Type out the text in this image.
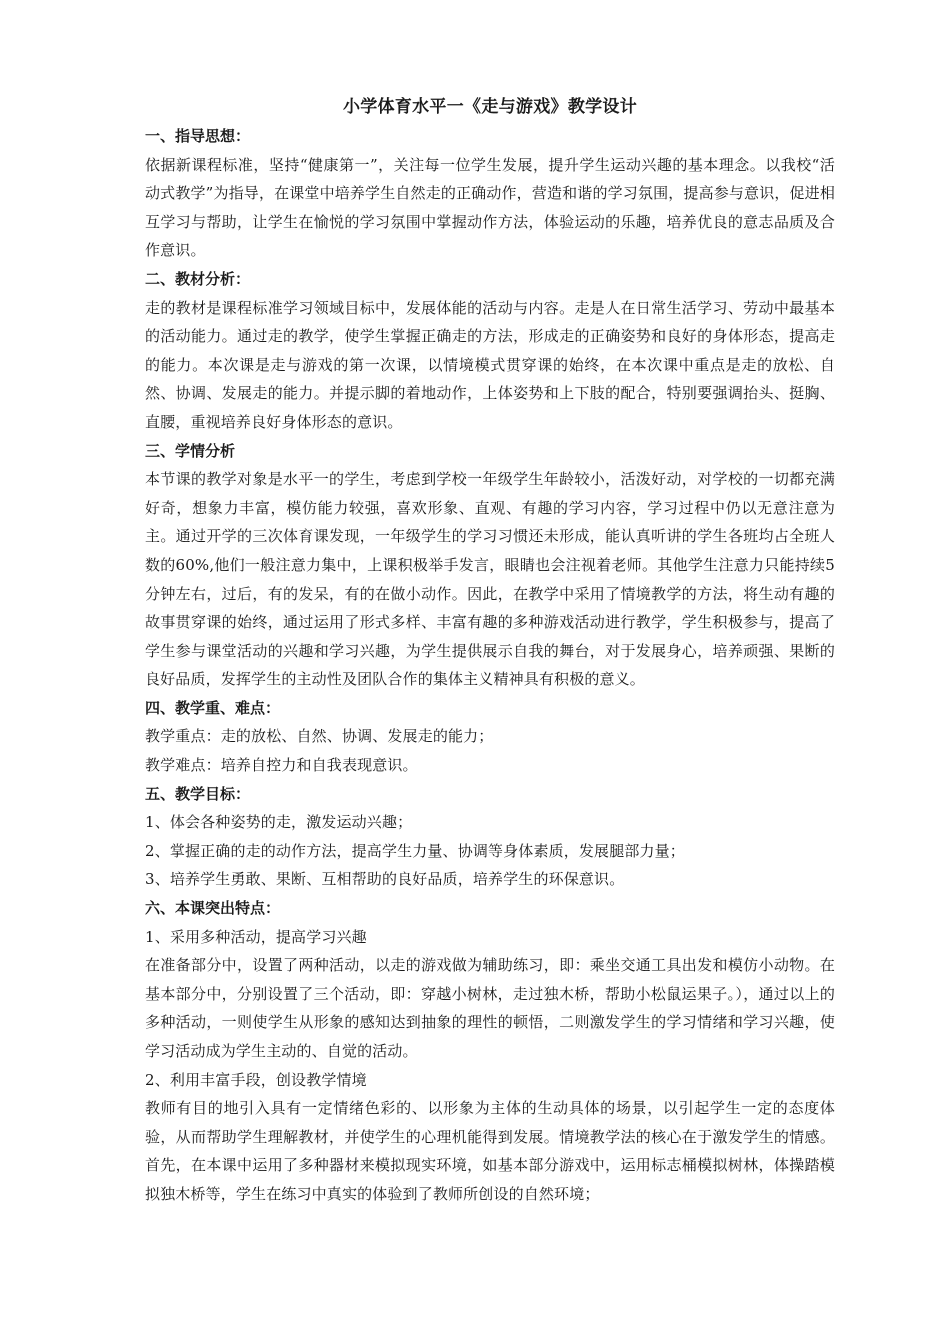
小学体育水平一《走与游戏》教学设计

一、指导思想：

依据新课程标准，坚持“健康第一”，关注每一位学生发展，提升学生运动兴趣的基本理念。以我校“活动式教学”为指导，在课堂中培养学生自然走的正确动作，营造和谐的学习氛围，提高参与意识，促进相互学习与帮助，让学生在愉悦的学习氛围中掌握动作方法，体验运动的乐趣，培养优良的意志品质及合作意识。

二、教材分析：

走的教材是课程标准学习领域目标中，发展体能的活动与内容。走是人在日常生活学习、劳动中最基本的活动能力。通过走的教学，使学生掌握正确走的方法，形成走的正确姿势和良好的身体形态，提高走的能力。本次课是走与游戏的第一次课，以情境模式贯穿课的始终，在本次课中重点是走的放松、自然、协调、发展走的能力。并提示脚的着地动作，上体姿势和上下肢的配合，特别要强调抬头、挺胸、直腰，重视培养良好身体形态的意识。

三、学情分析

本节课的教学对象是水平一的学生，考虑到学校一年级学生年龄较小，活泼好动，对学校的一切都充满好奇，想象力丰富，模仿能力较强，喜欢形象、直观、有趣的学习内容，学习过程中仍以无意注意为主。通过开学的三次体育课发现，一年级学生的学习习惯还未形成，能认真听讲的学生各班均占全班人数的60%,他们一般注意力集中，上课积极举手发言，眼睛也会注视着老师。其他学生注意力只能持续5分钟左右，过后，有的发呆，有的在做小动作。因此，在教学中采用了情境教学的方法，将生动有趣的故事贯穿课的始终，通过运用了形式多样、丰富有趣的多种游戏活动进行教学，学生积极参与，提高了学生参与课堂活动的兴趣和学习兴趣，为学生提供展示自我的舞台，对于发展身心，培养顽强、果断的良好品质，发挥学生的主动性及团队合作的集体主义精神具有积极的意义。

四、教学重、难点：

教学重点：走的放松、自然、协调、发展走的能力；

教学难点：培养自控力和自我表现意识。

五、教学目标：

1、体会各种姿势的走，激发运动兴趣；

2、掌握正确的走的动作方法，提高学生力量、协调等身体素质，发展腿部力量；

3、培养学生勇敢、果断、互相帮助的良好品质，培养学生的环保意识。

六、本课突出特点：

1、采用多种活动，提高学习兴趣

在准备部分中，设置了两种活动，以走的游戏做为辅助练习，即：乘坐交通工具出发和模仿小动物。在基本部分中，分别设置了三个活动，即：穿越小树林，走过独木桥，帮助小松鼠运果子。），通过以上的多种活动，一则使学生从形象的感知达到抽象的理性的顿悟，二则激发学生的学习情绪和学习兴趣，使学习活动成为学生主动的、自觉的活动。

2、利用丰富手段，创设教学情境

教师有目的地引入具有一定情绪色彩的、以形象为主体的生动具体的场景，以引起学生一定的态度体验，从而帮助学生理解教材，并使学生的心理机能得到发展。情境教学法的核心在于激发学生的情感。首先，在本课中运用了多种器材来模拟现实环境，如基本部分游戏中，运用标志桶模拟树林，体操踏模拟独木桥等，学生在练习中真实的体验到了教师所创设的自然环境；
